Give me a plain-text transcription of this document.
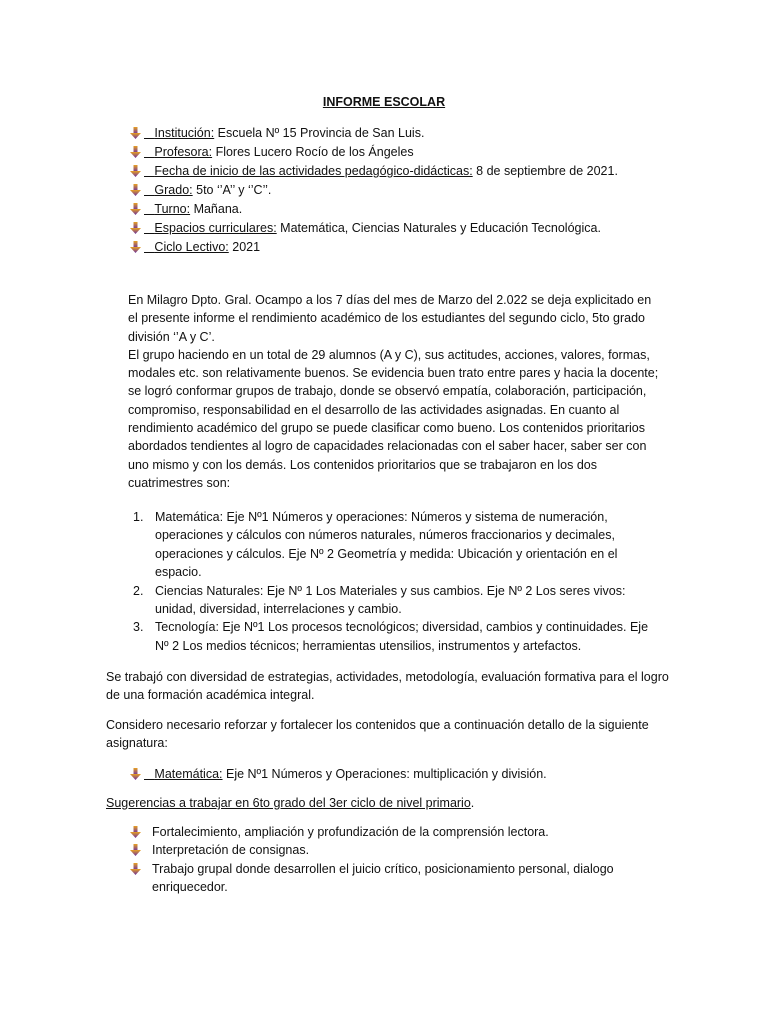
INFORME ESCOLAR
Institución: Escuela Nº 15 Provincia de San Luis.
Profesora: Flores Lucero Rocío de los Ángeles
Fecha de inicio de las actividades pedagógico-didácticas: 8 de septiembre de 2021.
Grado: 5to ‘’A’’ y ‘’C’’.
Turno: Mañana.
Espacios curriculares: Matemática, Ciencias Naturales y Educación Tecnológica.
Ciclo Lectivo: 2021

En Milagro Dpto. Gral. Ocampo a los 7 días del mes de Marzo del 2.022 se deja explicitado en el presente informe el rendimiento académico de los estudiantes del segundo ciclo, 5to grado división ‘’A y C’.

El grupo haciendo en un total de 29 alumnos (A y C), sus actitudes, acciones, valores, formas, modales etc. son relativamente buenos. Se evidencia buen trato entre pares y hacia la docente; se logró conformar grupos de trabajo, donde se observó empatía, colaboración, participación, compromiso, responsabilidad en el desarrollo de las actividades asignadas. En cuanto al rendimiento académico del grupo se puede clasificar como bueno. Los contenidos prioritarios abordados tendientes al logro de capacidades relacionadas con el saber hacer, saber ser con uno mismo y con los demás. Los contenidos prioritarios que se trabajaron en los dos cuatrimestres son:

1. Matemática: Eje Nº1 Números y operaciones: Números y sistema de numeración, operaciones y cálculos con números naturales, números fraccionarios y decimales, operaciones y cálculos. Eje Nº 2 Geometría y medida: Ubicación y orientación en el espacio.
2. Ciencias Naturales: Eje Nº 1 Los Materiales y sus cambios. Eje Nº 2 Los seres vivos: unidad, diversidad, interrelaciones y cambio.
3. Tecnología: Eje Nº1 Los procesos tecnológicos; diversidad, cambios y continuidades. Eje Nº 2 Los medios técnicos; herramientas utensilios, instrumentos y artefactos.

Se trabajó con diversidad de estrategias, actividades, metodología, evaluación formativa para el logro de una formación académica integral.

Considero necesario reforzar y fortalecer los contenidos que a continuación detallo de la siguiente asignatura:

Matemática: Eje Nº1 Números y Operaciones: multiplicación y división.
Sugerencias a trabajar en 6to grado del 3er ciclo de nivel primario.
Fortalecimiento, ampliación y profundización de la comprensión lectora.
Interpretación de consignas.
Trabajo grupal donde desarrollen el juicio crítico, posicionamiento personal, dialogo enriquecedor.
